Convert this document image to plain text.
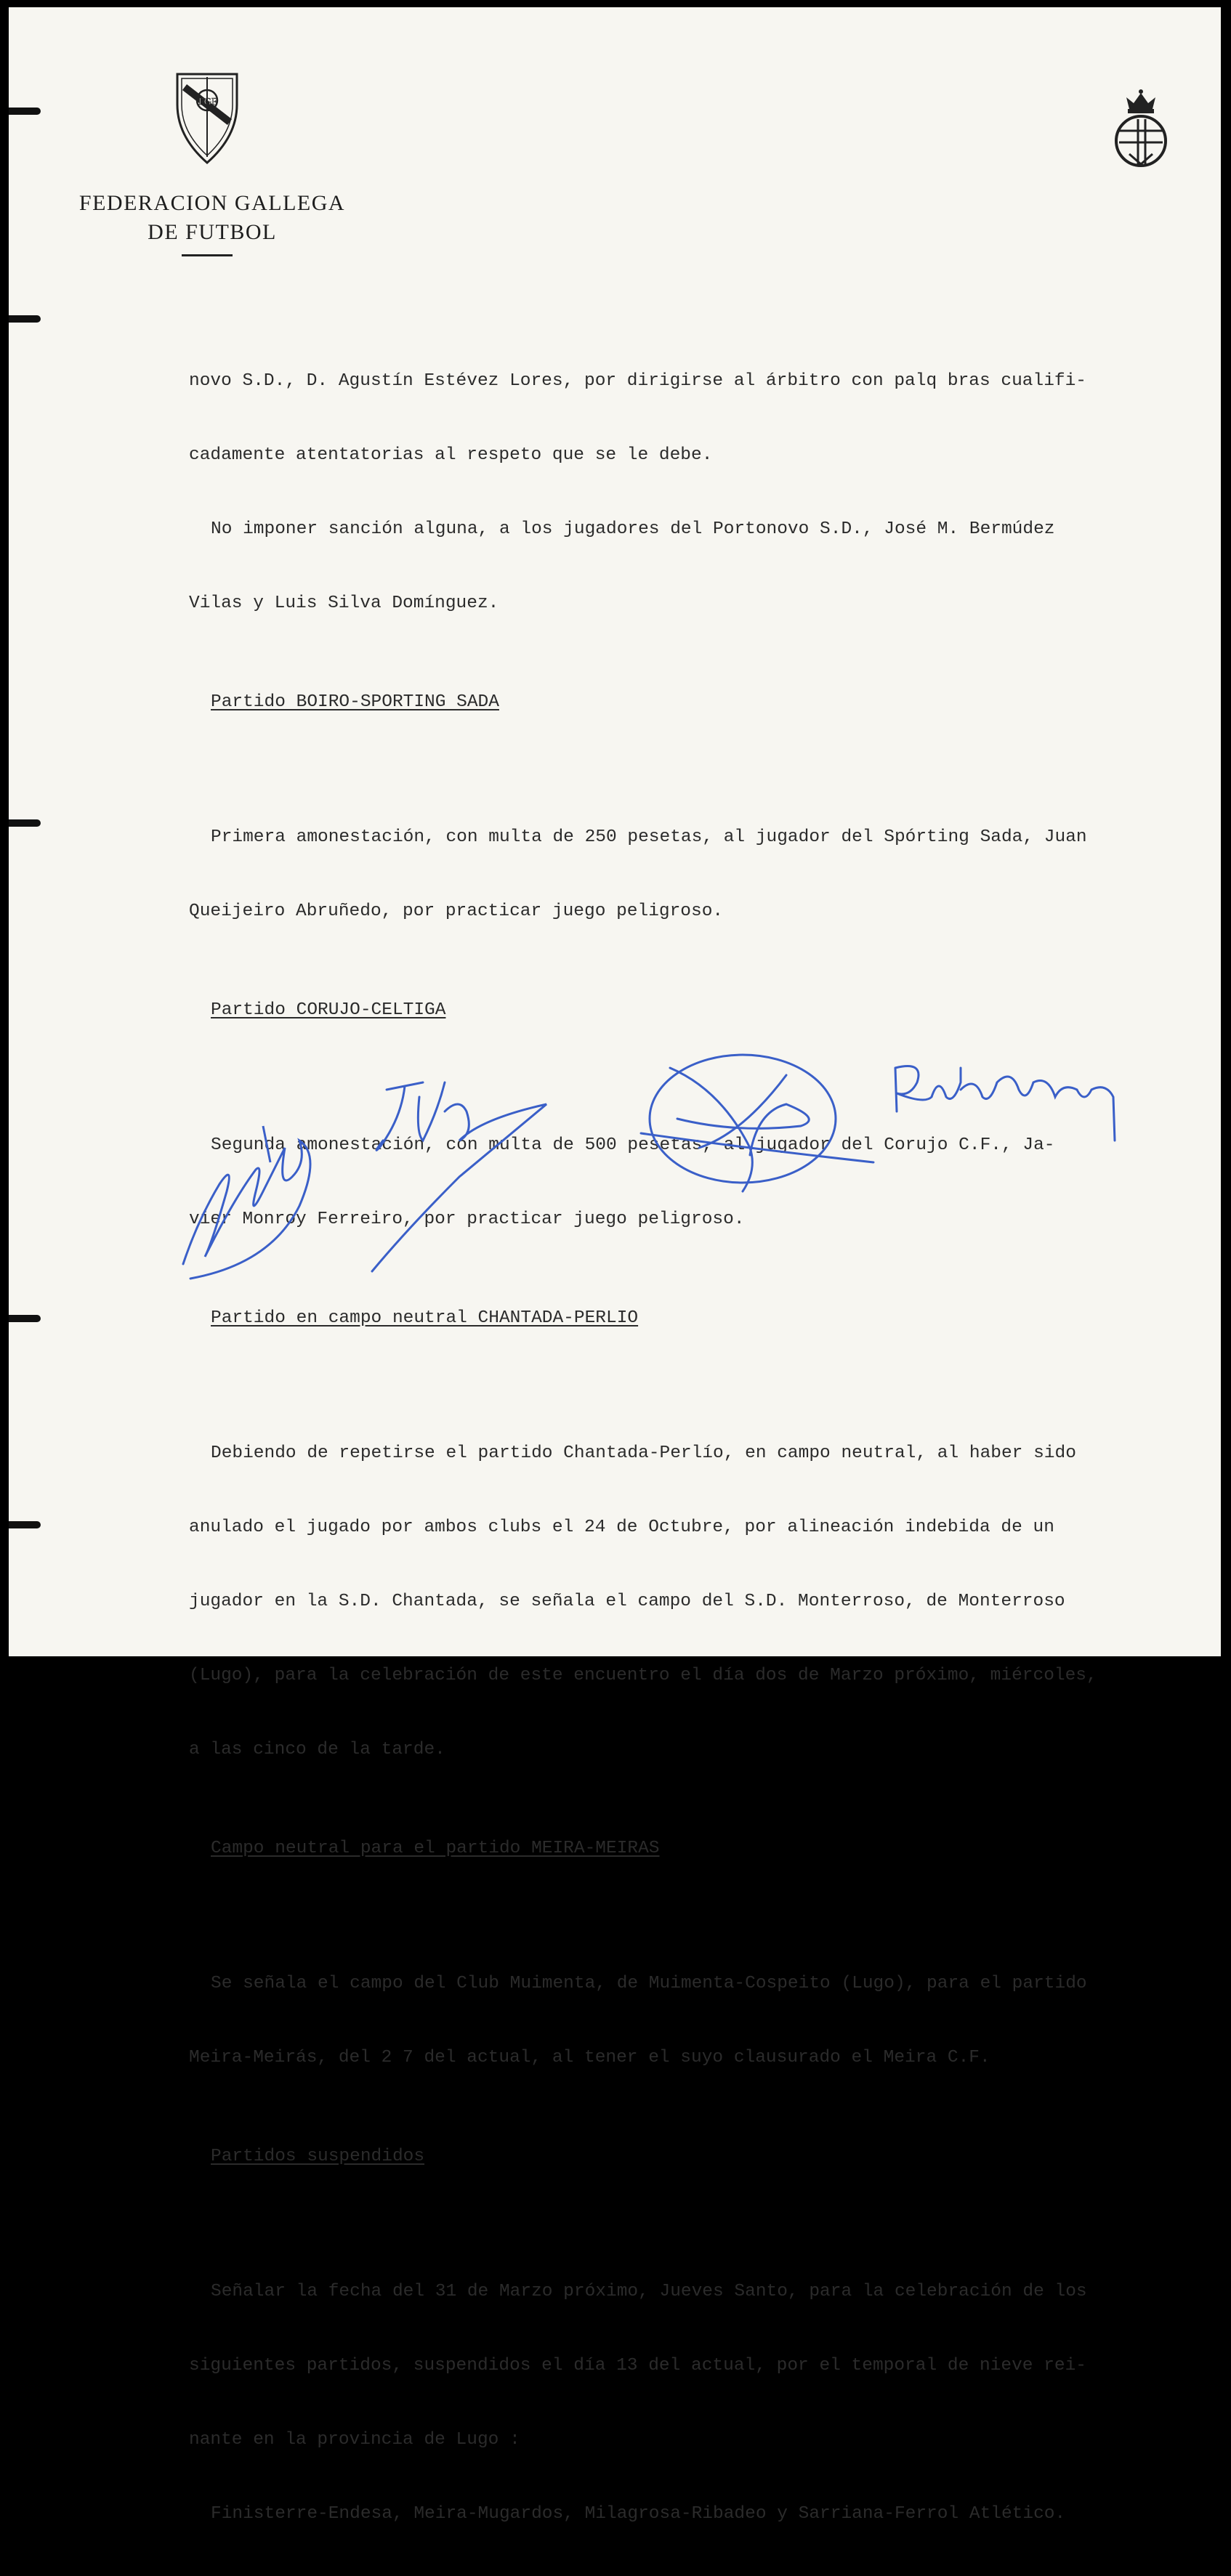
FGF
FEDERACION GALLEGA
DE FUTBOL

novo S.D., D. Agustín Estévez Lores, por dirigirse al árbitro con palq bras cualifi-

cadamente atentatorias al respeto que se le debe.

No imponer sanción alguna, a los jugadores del Portonovo S.D., José M. Bermúdez

Vilas y Luis Silva Domínguez.

Partido BOIRO-SPORTING SADA

Primera amonestación, con multa de 250 pesetas, al jugador del Spórting Sada, Juan

Queijeiro Abruñedo, por practicar juego peligroso.

Partido CORUJO-CELTIGA

Segunda amonestación, con multa de 500 pesetas, al jugador del Corujo C.F., Ja-

vier Monroy Ferreiro, por practicar juego peligroso.

Partido en campo neutral CHANTADA-PERLIO

Debiendo de repetirse el partido Chantada-Perlío, en campo neutral, al haber sido

anulado el jugado por ambos clubs el 24 de Octubre, por alineación indebida de un

jugador en la S.D. Chantada, se señala el campo del S.D. Monterroso, de Monterroso

(Lugo), para la celebración de este encuentro el día dos de Marzo próximo, miércoles,

a las cinco de la tarde.

Campo neutral para el partido MEIRA-MEIRAS

Se señala el campo del Club Muimenta, de Muimenta-Cospeito (Lugo), para el partido

Meira-Meirás, del 2 7 del actual, al tener el suyo clausurado el Meira C.F.

Partidos suspendidos

Señalar la fecha del 31 de Marzo próximo, Jueves Santo, para la celebración de los

siguientes partidos, suspendidos el día 13 del actual, por el temporal de nieve rei-

nante en la provincia de Lugo :

Finisterre-Endesa, Meira-Mugardos, Milagrosa-Ribadeo y Sarriana-Ferrol Atlético.
